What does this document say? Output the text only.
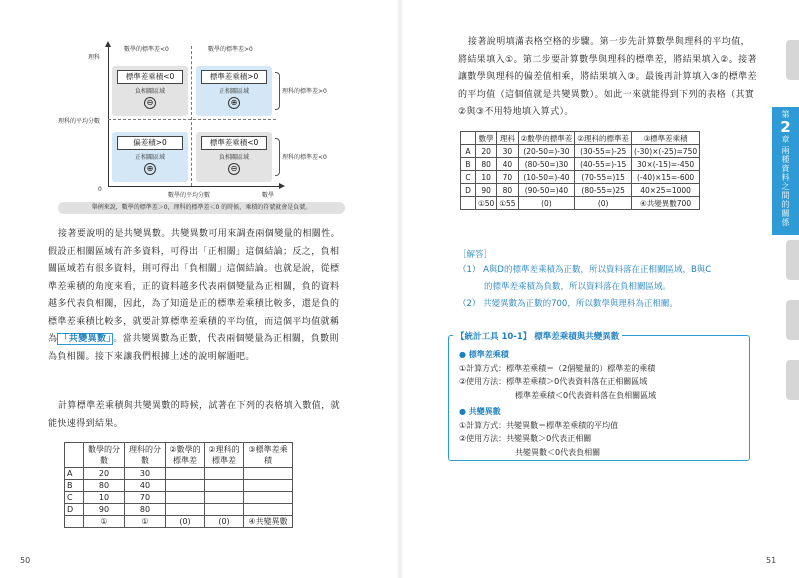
數學的標準差<0	數學的標準差>0
理科
理科的平均分數
0
數學的平均分數	數學
標準差乘積<0
負相關區域
⊖
標準差乘積>0
正相關區域
⊕
偏差積>0
正相關區域
⊕
標準差乘積<0
負相關區域
⊖
理科的標準差>0
理科的標準差<0
舉例來說，數學的標準差＞0，理科的標準差＜0 的時候，乘積的符號就會是負號。

接著要說明的是共變異數。共變異數可用來調查兩個變量的相關性。假設正相關區域有許多資料，可得出「正相關」這個結論；反之，負相關區域若有很多資料，則可得出「負相關」這個結論。也就是說，從標準差乘積的角度來看，正的資料越多代表兩個變量為正相關，負的資料越多代表負相關，因此，為了知道是正的標準差乘積比較多，還是負的標準差乘積比較多，就要計算標準差乘積的平均值，而這個平均值就稱為 「共變異數」 。當共變異數為正數，代表兩個變量為正相關，負數則為負相關。接下來讓我們根據上述的說明解題吧。

計算標準差乘積與共變異數的時候，試著在下列的表格填入數值，就能快速得到結果。

	數學的分數	理科的分數	②數學的標準差	②理科的標準差	③標準差乘積
A	20	30			
B	80	40			
C	10	70			
D	90	80			
	①	①	(0)	(0)	④共變異數
50

接著說明填滿表格空格的步驟。第一步先計算數學與理科的平均值，將結果填入①。第二步要計算數學與理科的標準差，將結果填入②。接著讓數學與理科的偏差值相乘，將結果填入③。最後再計算填入③的標準差的平均值（這個值就是共變異數）。如此一來就能得到下列的表格（其實②與③不用特地填入算式）。

	數學	理科	②數學的標準差	②理科的標準差	③標準差乘積
A	20	30	(20-50=)-30	(30-55=)-25	(-30)×(-25)=750
B	80	40	(80-50=)30	(40-55=)-15	30×(-15)=-450
C	10	70	(10-50=)-40	(70-55=)15	(-40)×15=-600
D	90	80	(90-50=)40	(80-55=)25	40×25=1000
	①50	①55	(0)	(0)	④共變異數700
［解答］

（1） A與D的標準差乘積為正數，所以資料落在正相關區域，B與C

的標準差乘積為負數，所以資料落在負相關區域。

（2） 共變異數為正數的700，所以數學與理科為正相關。

【統計工具 10-1】 標準差乘積與共變異數

● 標準差乘積

①計算方式：標準差乘積＝（2個變量的）標準差的乘積

②使用方法：標準差乘積＞0代表資料落在正相關區域

標準差乘積＜0代表資料落在負相關區域

● 共變異數

①計算方式：共變異數＝標準差乘積的平均值

②使用方法：共變異數＞0代表正相關

共變異數＜0代表負相關

第
2
章
兩種資料之間的關係
51
